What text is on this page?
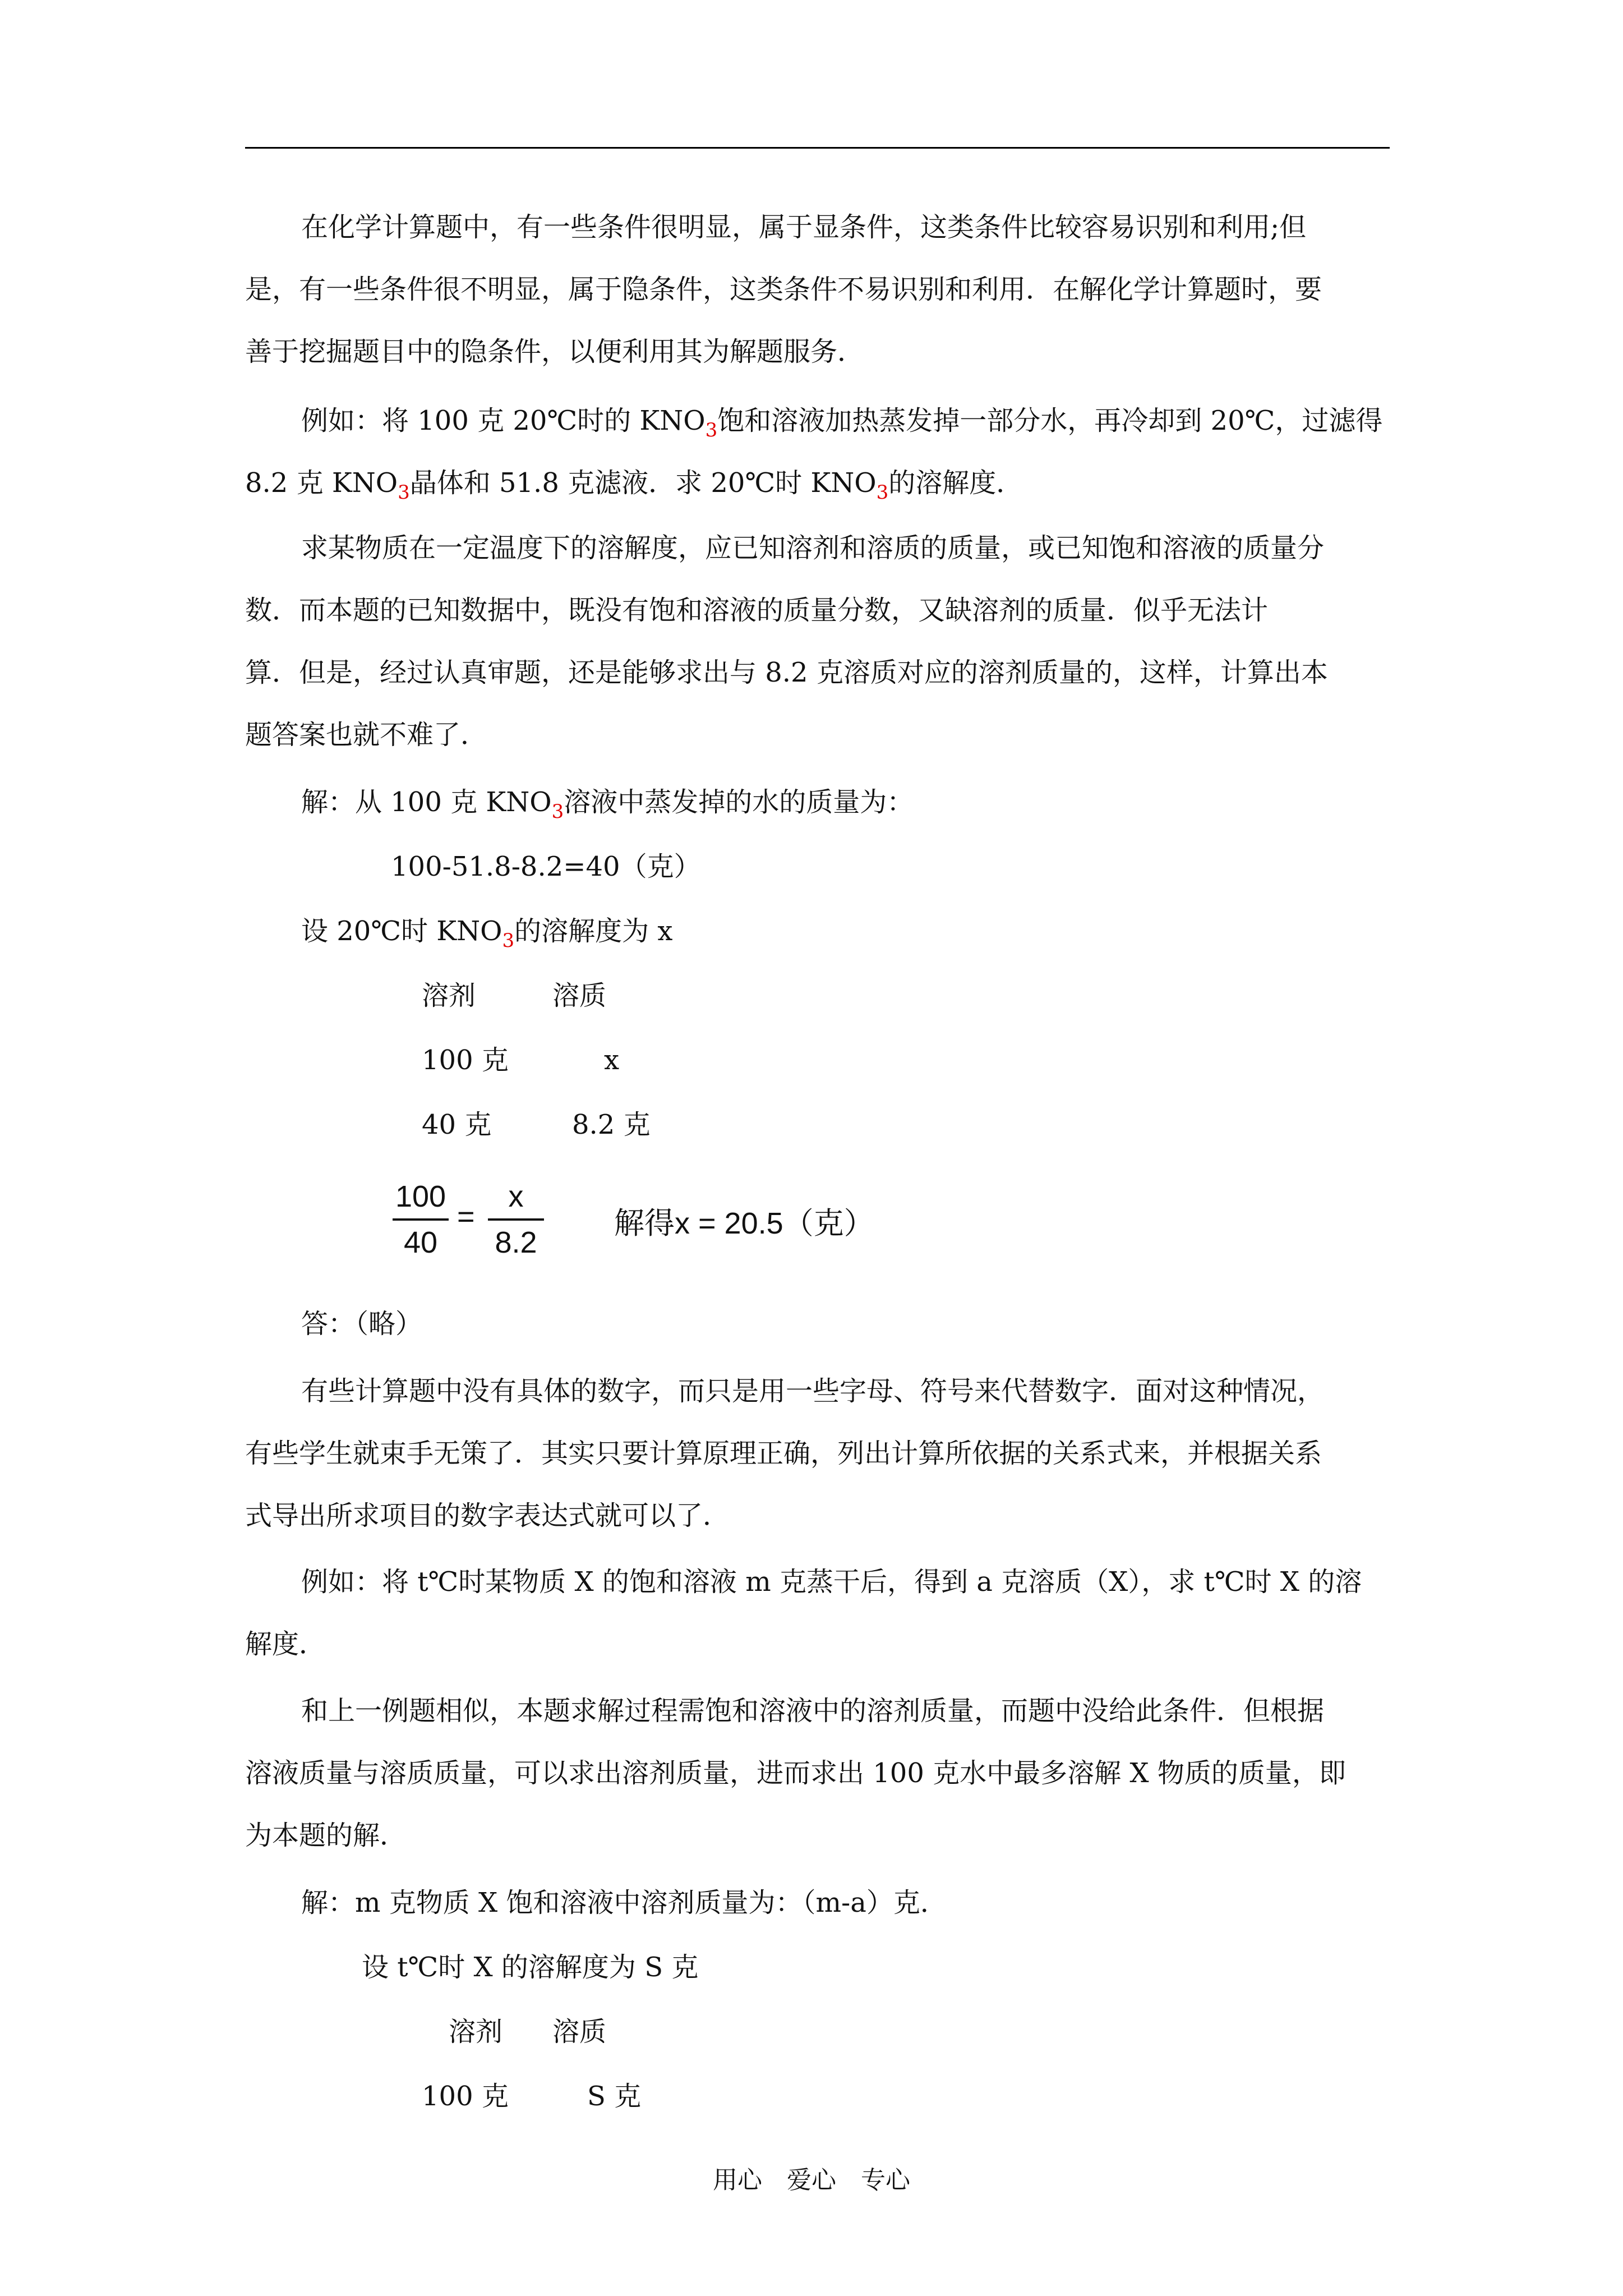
在化学计算题中，有一些条件很明显，属于显条件，这类条件比较容易识别和利用;但
是，有一些条件很不明显，属于隐条件，这类条件不易识别和利用．在解化学计算题时，要
善于挖掘题目中的隐条件，以便利用其为解题服务．
例如：将 100 克 20℃时的 $KNO_3$饱和溶液加热蒸发掉一部分水，再冷却到 20℃，过滤得
8.2 克 $KNO_3$晶体和 51.8 克滤液．求 20℃时 $KNO_3$的溶解度．
求某物质在一定温度下的溶解度，应已知溶剂和溶质的质量，或已知饱和溶液的质量分
数．而本题的已知数据中，既没有饱和溶液的质量分数，又缺溶剂的质量．似乎无法计
算．但是，经过认真审题，还是能够求出与 8.2 克溶质对应的溶剂质量的，这样，计算出本
题答案也就不难了．
解：从 100 克 $KNO_3$溶液中蒸发掉的水的质量为：
100-51.8-8.2=40（克）
设 20℃时 $KNO_3$的溶解度为 x
溶剂	溶质
100 克	x
40 克	8.2 克
100
40
=
x
8.2
解得x = 20.5（克）
答：（略）
有些计算题中没有具体的数字，而只是用一些字母、符号来代替数字．面对这种情况，
有些学生就束手无策了．其实只要计算原理正确，列出计算所依据的关系式来，并根据关系
式导出所求项目的数字表达式就可以了．
例如：将 t℃时某物质 X 的饱和溶液 m 克蒸干后，得到 a 克溶质（X），求 t℃时 X 的溶
解度．
和上一例题相似，本题求解过程需饱和溶液中的溶剂质量，而题中没给此条件．但根据
溶液质量与溶质质量，可以求出溶剂质量，进而求出 100 克水中最多溶解 X 物质的质量，即
为本题的解．
解：m 克物质 X 饱和溶液中溶剂质量为：（m-a）克．
设 t℃时 X 的溶解度为 S 克
溶剂	溶质
100 克	S 克
用心 爱心 专心
